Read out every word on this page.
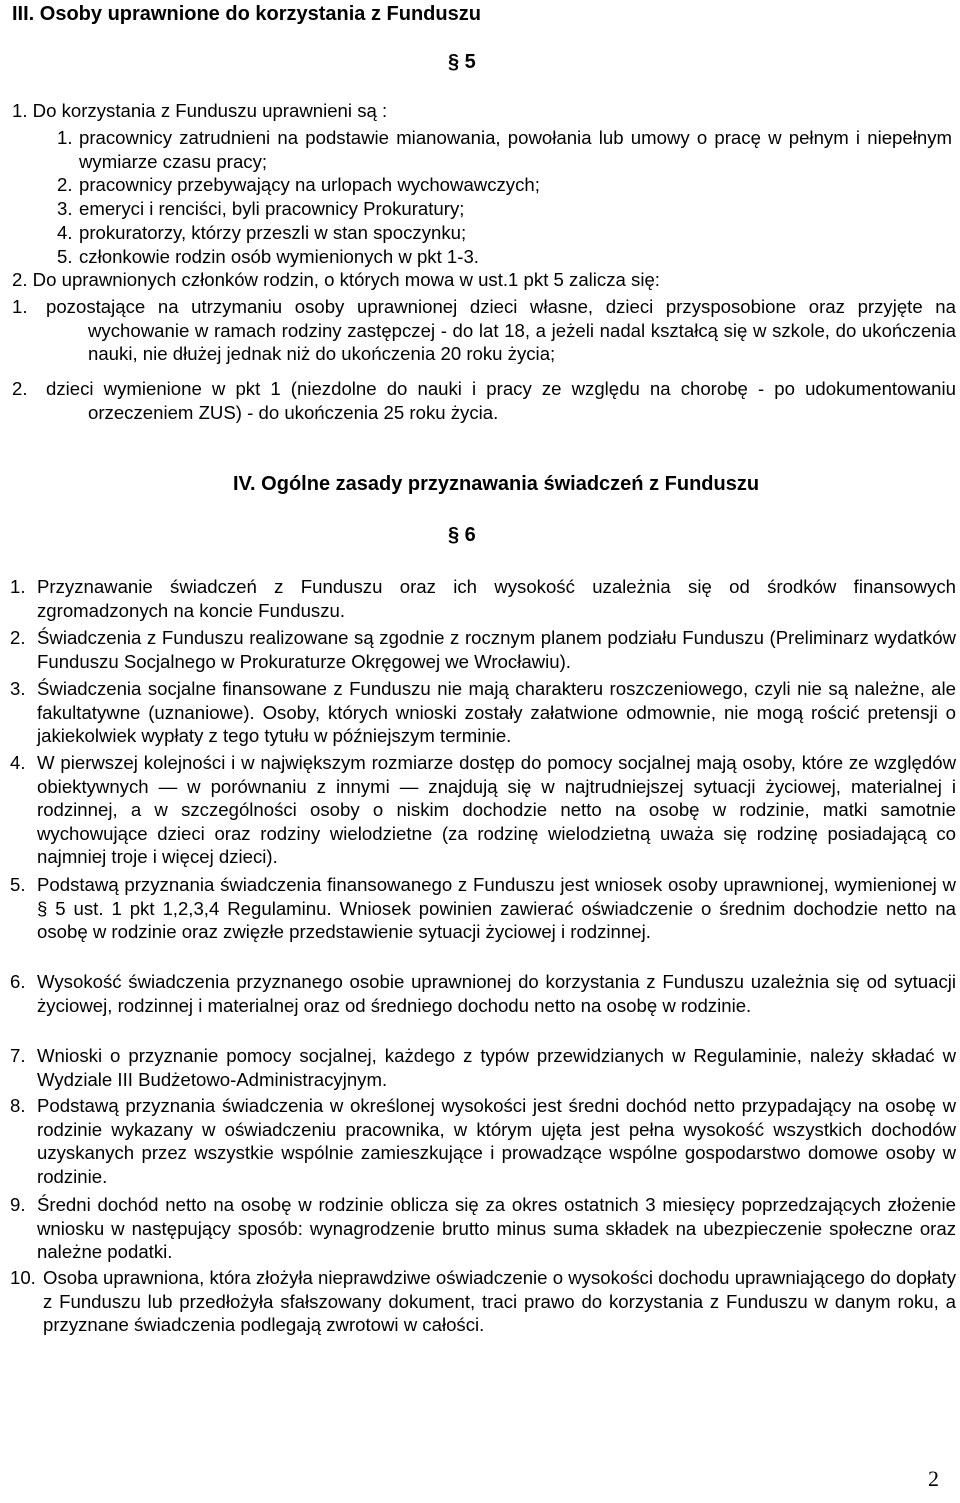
III. Osoby uprawnione do korzystania z Funduszu
§ 5
1. Do korzystania z Funduszu uprawnieni są :
1. pracownicy zatrudnieni na podstawie mianowania, powołania lub umowy o pracę w pełnym i niepełnym wymiarze czasu pracy;
2. pracownicy przebywający na urlopach wychowawczych;
3. emeryci i renciści, byli pracownicy Prokuratury;
4. prokuratorzy, którzy przeszli w stan spoczynku;
5. członkowie rodzin osób wymienionych w pkt 1-3.
2. Do uprawnionych członków rodzin, o których mowa w ust.1 pkt 5 zalicza się:
1. pozostające na utrzymaniu osoby uprawnionej dzieci własne, dzieci przysposobione oraz przyjęte na wychowanie w ramach rodziny zastępczej - do lat 18, a jeżeli nadal kształcą się w szkole, do ukończenia nauki, nie dłużej jednak niż do ukończenia 20 roku życia;
2. dzieci wymienione w pkt 1 (niezdolne do nauki i pracy ze względu na chorobę - po udokumentowaniu orzeczeniem ZUS) - do ukończenia 25 roku życia.
IV. Ogólne zasady przyznawania świadczeń z Funduszu
§ 6
1. Przyznawanie świadczeń z Funduszu oraz ich wysokość uzależnia się od środków finansowych zgromadzonych na koncie Funduszu.
2. Świadczenia z Funduszu realizowane są zgodnie z rocznym planem podziału Funduszu (Preliminarz wydatków Funduszu Socjalnego w Prokuraturze Okręgowej we Wrocławiu).
3. Świadczenia socjalne finansowane z Funduszu nie mają charakteru roszczeniowego, czyli nie są należne, ale fakultatywne (uznaniowe). Osoby, których wnioski zostały załatwione odmownie, nie mogą rościć pretensji o jakiekolwiek wypłaty z tego tytułu w późniejszym terminie.
4. W pierwszej kolejności i w największym rozmiarze dostęp do pomocy socjalnej mają osoby, które ze względów obiektywnych — w porównaniu z innymi — znajdują się w najtrudniejszej sytuacji życiowej, materialnej i rodzinnej, a w szczególności osoby o niskim dochodzie netto na osobę w rodzinie, matki samotnie wychowujące dzieci oraz rodziny wielodzietne (za rodzinę wielodzietną uważa się rodzinę posiadającą co najmniej troje i więcej dzieci).
5. Podstawą przyznania świadczenia finansowanego z Funduszu jest wniosek osoby uprawnionej, wymienionej w § 5 ust. 1 pkt 1,2,3,4 Regulaminu. Wniosek powinien zawierać oświadczenie o średnim dochodzie netto na osobę w rodzinie oraz zwięzłe przedstawienie sytuacji życiowej i rodzinnej.
6. Wysokość świadczenia przyznanego osobie uprawnionej do korzystania z Funduszu uzależnia się od sytuacji życiowej, rodzinnej i materialnej oraz od średniego dochodu netto na osobę w rodzinie.
7. Wnioski o przyznanie pomocy socjalnej, każdego z typów przewidzianych w Regulaminie, należy składać w Wydziale III Budżetowo-Administracyjnym.
8. Podstawą przyznania świadczenia w określonej wysokości jest średni dochód netto przypadający na osobę w rodzinie wykazany w oświadczeniu pracownika, w którym ujęta jest pełna wysokość wszystkich dochodów uzyskanych przez wszystkie wspólnie zamieszkujące i prowadzące wspólne gospodarstwo domowe osoby w rodzinie.
9. Średni dochód netto na osobę w rodzinie oblicza się za okres ostatnich 3 miesięcy poprzedzających złożenie wniosku w następujący sposób: wynagrodzenie brutto minus suma składek na ubezpieczenie społeczne oraz należne podatki.
10. Osoba uprawniona, która złożyła nieprawdziwe oświadczenie o wysokości dochodu uprawniającego do dopłaty z Funduszu lub przedłożyła sfałszowany dokument, traci prawo do korzystania z Funduszu w danym roku, a przyznane świadczenia podlegają zwrotowi w całości.
2
